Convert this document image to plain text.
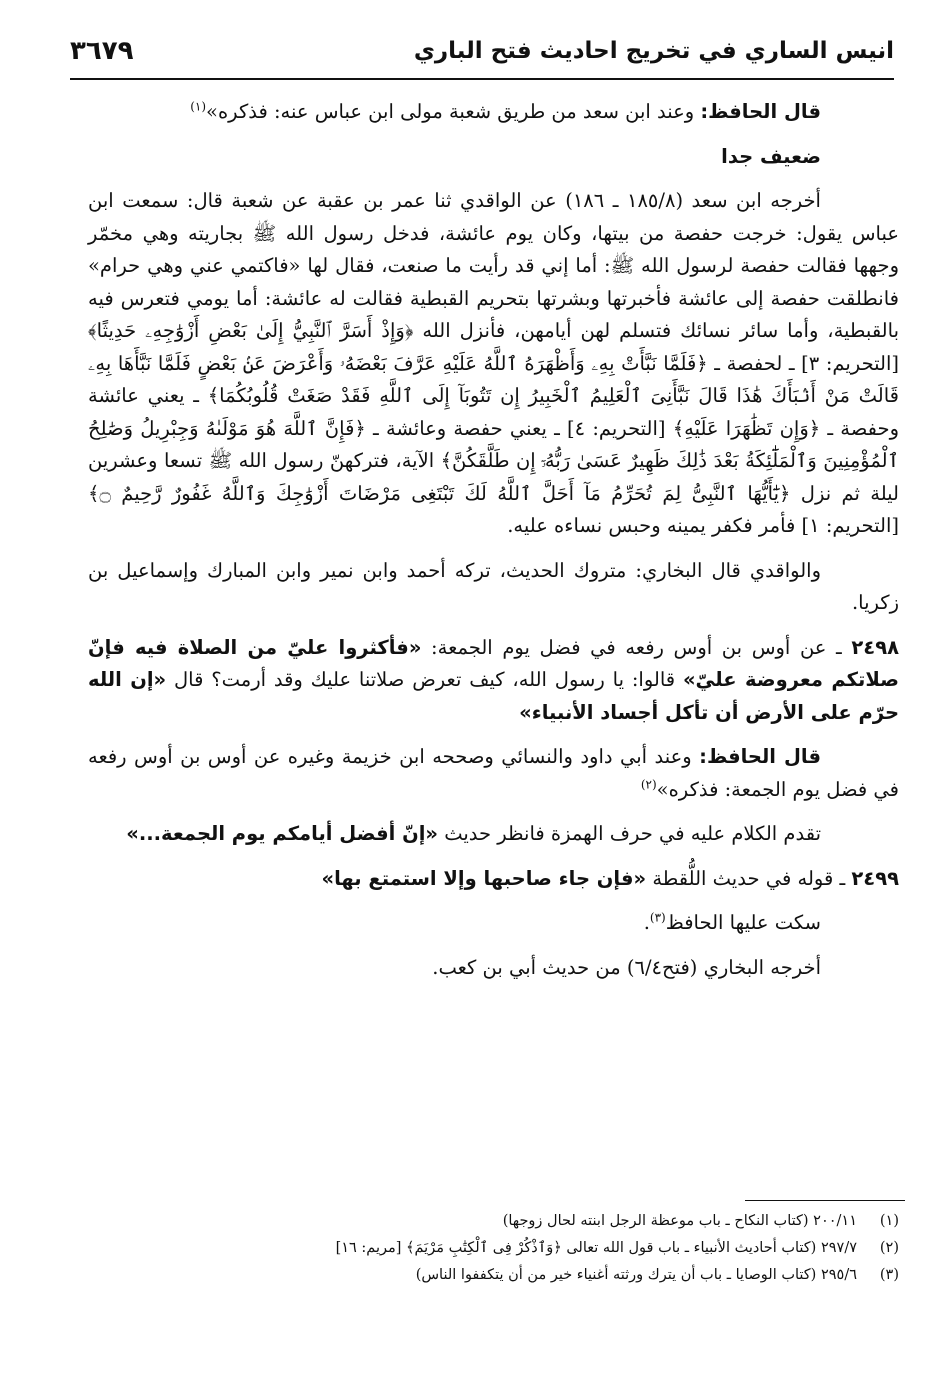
انيس الساري في تخريج احاديث فتح الباري
٣٦٧٩

قال الحافظ: وعند ابن سعد من طريق شعبة مولى ابن عباس عنه: فذكره»$^{(١)}$

ضعيف جدا

أخرجه ابن سعد (١٨٥/٨ ـ ١٨٦) عن الواقدي ثنا عمر بن عقبة عن شعبة قال: سمعت ابن عباس يقول: خرجت حفصة من بيتها، وكان يوم عائشة، فدخل رسول الله ﷺ بجاريته وهي مخمّر وجهها فقالت حفصة لرسول الله ﷺ: أما إني قد رأيت ما صنعت، فقال لها «فاكتمي عني وهي حرام» فانطلقت حفصة إلى عائشة فأخبرتها وبشرتها بتحريم القبطية فقالت له عائشة: أما يومي فتعرس فيه بالقبطية، وأما سائر نسائك فتسلم لهن أيامهن، فأنزل الله ﴿وَإِذْ أَسَرَّ ٱلنَّبِيُّ إِلَىٰ بَعْضِ أَزْوَٰجِهِۦ حَدِيثًا﴾ [التحريم: ٣] ـ لحفصة ـ ﴿فَلَمَّا نَبَّأَتْ بِهِۦ وَأَظْهَرَهُ ٱللَّهُ عَلَيْهِ عَرَّفَ بَعْضَهُۥ وَأَعْرَضَ عَنۢ بَعْضٍ فَلَمَّا نَبَّأَهَا بِهِۦ قَالَتْ مَنْ أَنۢبَأَكَ هَٰذَا قَالَ نَبَّأَنِىَ ٱلْعَلِيمُ ٱلْخَبِيرُ إِن تَتُوبَآ إِلَى ٱللَّهِ فَقَدْ صَغَتْ قُلُوبُكُمَا﴾ ـ يعني عائشة وحفصة ـ ﴿وَإِن تَظَٰهَرَا عَلَيْهِ﴾ [التحريم: ٤] ـ يعني حفصة وعائشة ـ ﴿فَإِنَّ ٱللَّهَ هُوَ مَوْلَىٰهُ وَجِبْرِيلُ وَصَٰلِحُ ٱلْمُؤْمِنِينَ وَٱلْمَلَٰٓئِكَةُ بَعْدَ ذَٰلِكَ ظَهِيرٌ عَسَىٰ رَبُّهُۥٓ إِن طَلَّقَكُنَّ﴾ الآية، فتركهنّ رسول الله ﷺ تسعا وعشرين ليلة ثم نزل ﴿يَٰٓأَيُّهَا ٱلنَّبِىُّ لِمَ تُحَرِّمُ مَآ أَحَلَّ ٱللَّهُ لَكَ تَبْتَغِى مَرْضَاتَ أَزْوَٰجِكَ وَٱللَّهُ غَفُورٌ رَّحِيمٌ ۝﴾ [التحريم: ١] فأمر فكفر يمينه وحبس نساءه عليه.

والواقدي قال البخاري: متروك الحديث، تركه أحمد وابن نمير وابن المبارك وإسماعيل بن زكريا.

٢٤٩٨ ـ عن أوس بن أوس رفعه في فضل يوم الجمعة: «فأكثروا عليّ من الصلاة فيه فإنّ صلاتكم معروضة عليّ» قالوا: يا رسول الله، كيف تعرض صلاتنا عليك وقد أرمت؟ قال «إن الله حرّم على الأرض أن تأكل أجساد الأنبياء»

قال الحافظ: وعند أبي داود والنسائي وصححه ابن خزيمة وغيره عن أوس بن أوس رفعه في فضل يوم الجمعة: فذكره»$^{(٢)}$

تقدم الكلام عليه في حرف الهمزة فانظر حديث «إنّ أفضل أيامكم يوم الجمعة...»

٢٤٩٩ ـ قوله في حديث اللُّقطة «فإن جاء صاحبها وإلا استمتع بها»

سكت عليها الحافظ$^{(٣)}$.

أخرجه البخاري (فتح٦/٤) من حديث أبي بن كعب.

(١)٢٠٠/١١ (كتاب النكاح ـ باب موعظة الرجل ابنته لحال زوجها)
(٢)٢٩٧/٧ (كتاب أحاديث الأنبياء ـ باب قول الله تعالى ﴿وَٱذْكُرْ فِى ٱلْكِتَٰبِ مَرْيَمَ﴾ [مريم: ١٦]
(٣)٢٩٥/٦ (كتاب الوصايا ـ باب أن يترك ورثته أغنياء خير من أن يتكففوا الناس)
